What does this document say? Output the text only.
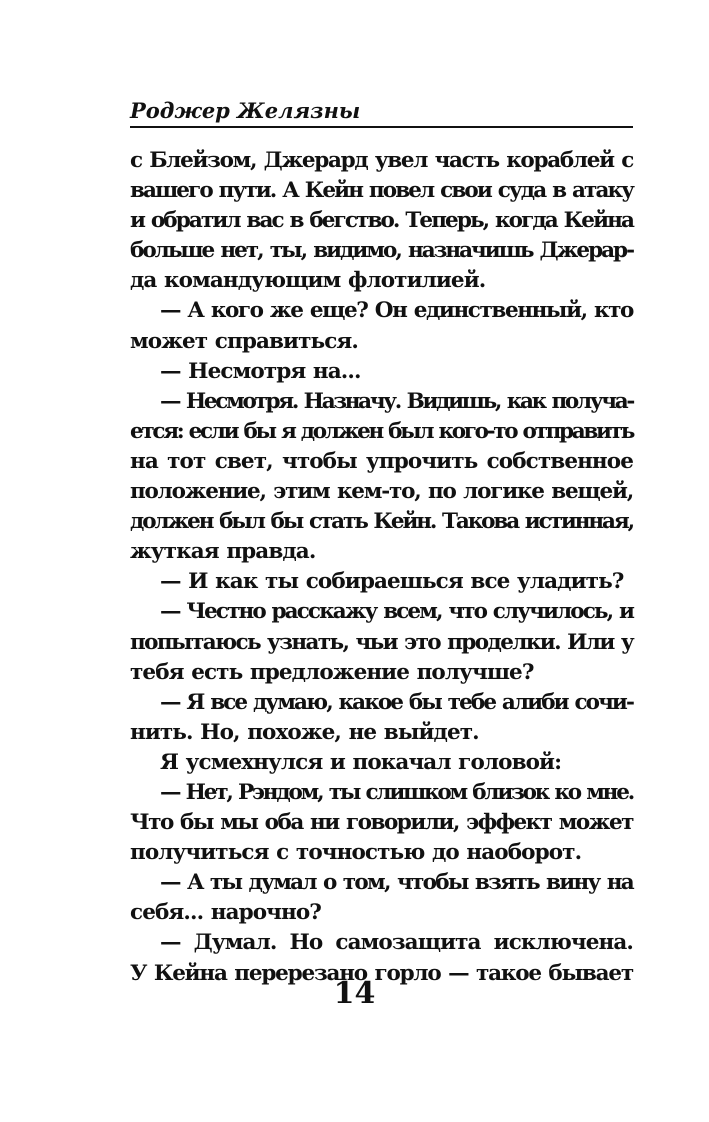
Роджер Желязны
с Блейзом, Джерард увел часть кораблей с
вашего пути. А Кейн повел свои суда в атаку
и обратил вас в бегство. Теперь, когда Кейна
больше нет, ты, видимо, назначишь Джерар-
да командующим флотилией.
— А кого же еще? Он единственный, кто
может справиться.
— Несмотря на...
— Несмотря. Назначу. Видишь, как получа-
ется: если бы я должен был кого-то отправить
на тот свет, чтобы упрочить собственное
положение, этим кем-то, по логике вещей,
должен был бы стать Кейн. Такова истинная,
жуткая правда.
— И как ты собираешься все уладить?
— Честно расскажу всем, что случилось, и
попытаюсь узнать, чьи это проделки. Или у
тебя есть предложение получше?
— Я все думаю, какое бы тебе алиби сочи-
нить. Но, похоже, не выйдет.
Я усмехнулся и покачал головой:
— Нет, Рэндом, ты слишком близок ко мне.
Что бы мы оба ни говорили, эффект может
получиться с точностью до наоборот.
— А ты думал о том, чтобы взять вину на
себя... нарочно?
— Думал. Но самозащита исключена.
У Кейна перерезано горло — такое бывает
14
